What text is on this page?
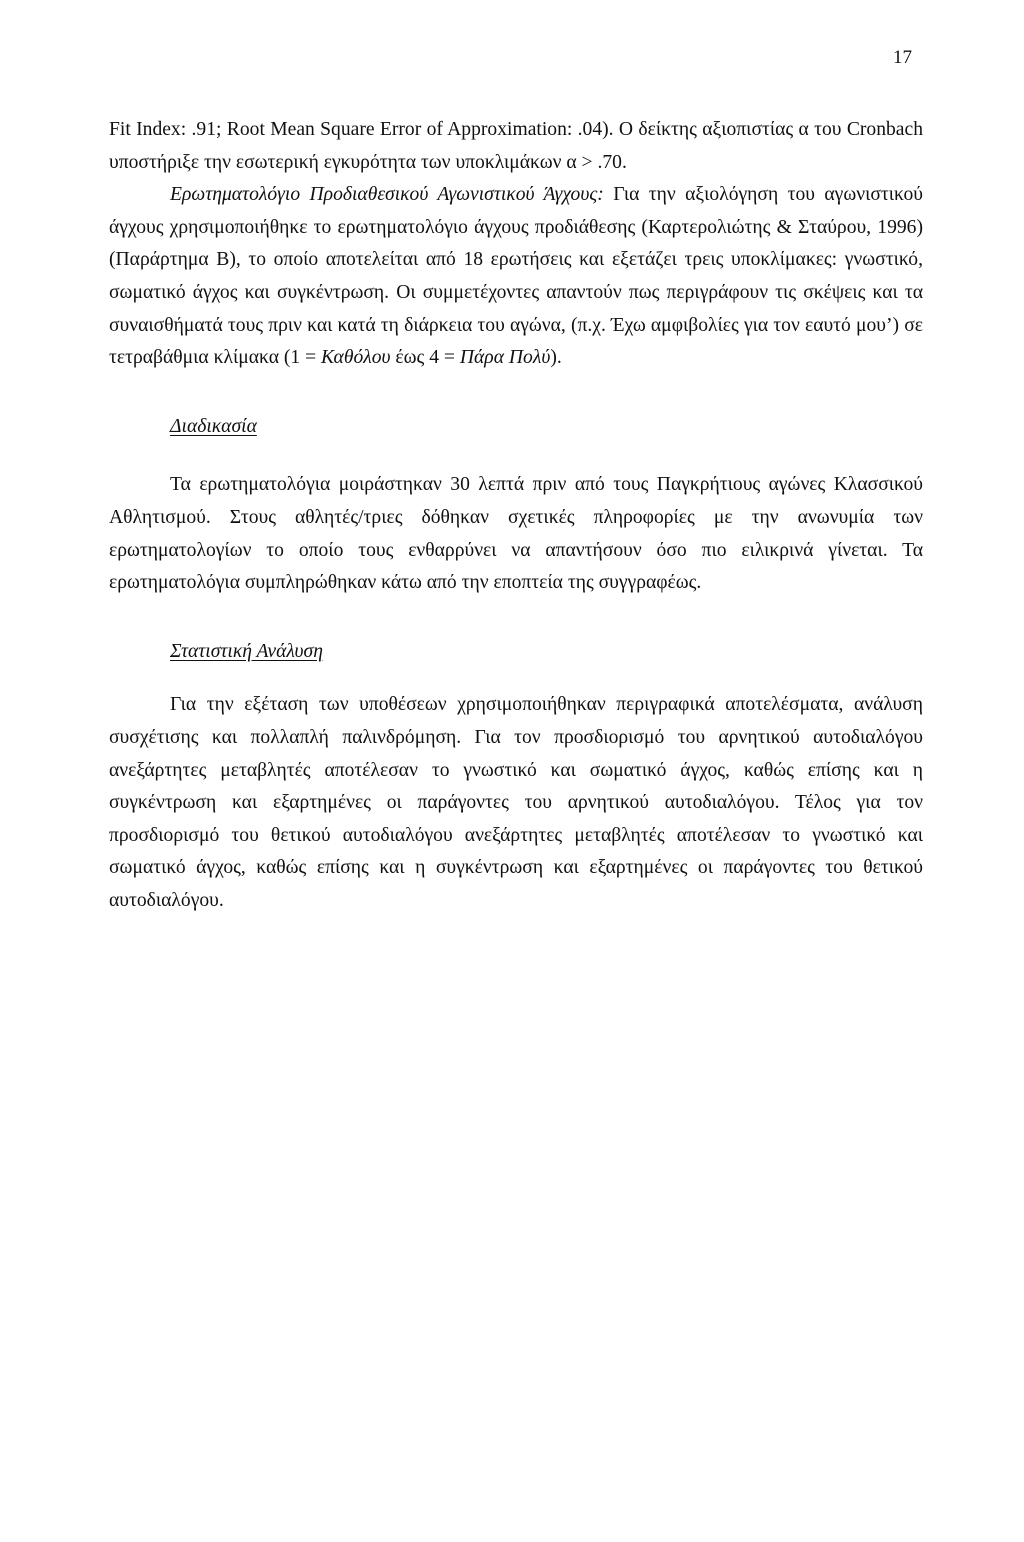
17

Fit Index: .91; Root Mean Square Error of Approximation: .04). Ο δείκτης αξιοπιστίας α του Cronbach υποστήριξε την εσωτερική εγκυρότητα των υποκλιμάκων α > .70.

Ερωτηματολόγιο Προδιαθεσικού Αγωνιστικού Άγχους: Για την αξιολόγηση του αγωνιστικού άγχους χρησιμοποιήθηκε το ερωτηματολόγιο άγχους προδιάθεσης (Καρτερολιώτης & Σταύρου, 1996) (Παράρτημα Β), το οποίο αποτελείται από 18 ερωτήσεις και εξετάζει τρεις υποκλίμακες: γνωστικό, σωματικό άγχος και συγκέντρωση. Οι συμμετέχοντες απαντούν πως περιγράφουν τις σκέψεις και τα συναισθήματά τους πριν και κατά τη διάρκεια του αγώνα, (π.χ. Έχω αμφιβολίες για τον εαυτό μου’) σε τετραβάθμια κλίμακα (1 = Καθόλου έως 4 = Πάρα Πολύ).

Διαδικασία

Τα ερωτηματολόγια μοιράστηκαν 30 λεπτά πριν από τους Παγκρήτιους αγώνες Κλασσικού Αθλητισμού. Στους αθλητές/τριες δόθηκαν σχετικές πληροφορίες με την ανωνυμία των ερωτηματολογίων το οποίο τους ενθαρρύνει να απαντήσουν όσο πιο ειλικρινά γίνεται. Τα ερωτηματολόγια συμπληρώθηκαν κάτω από την εποπτεία της συγγραφέως.

Στατιστική Ανάλυση

Για την εξέταση των υποθέσεων χρησιμοποιήθηκαν περιγραφικά αποτελέσματα, ανάλυση συσχέτισης και πολλαπλή παλινδρόμηση. Για τον προσδιορισμό του αρνητικού αυτοδιαλόγου ανεξάρτητες μεταβλητές αποτέλεσαν το γνωστικό και σωματικό άγχος, καθώς επίσης και η συγκέντρωση και εξαρτημένες οι παράγοντες του αρνητικού αυτοδιαλόγου. Τέλος για τον προσδιορισμό του θετικού αυτοδιαλόγου ανεξάρτητες μεταβλητές αποτέλεσαν το γνωστικό και σωματικό άγχος, καθώς επίσης και η συγκέντρωση και εξαρτημένες οι παράγοντες του θετικού αυτοδιαλόγου.
